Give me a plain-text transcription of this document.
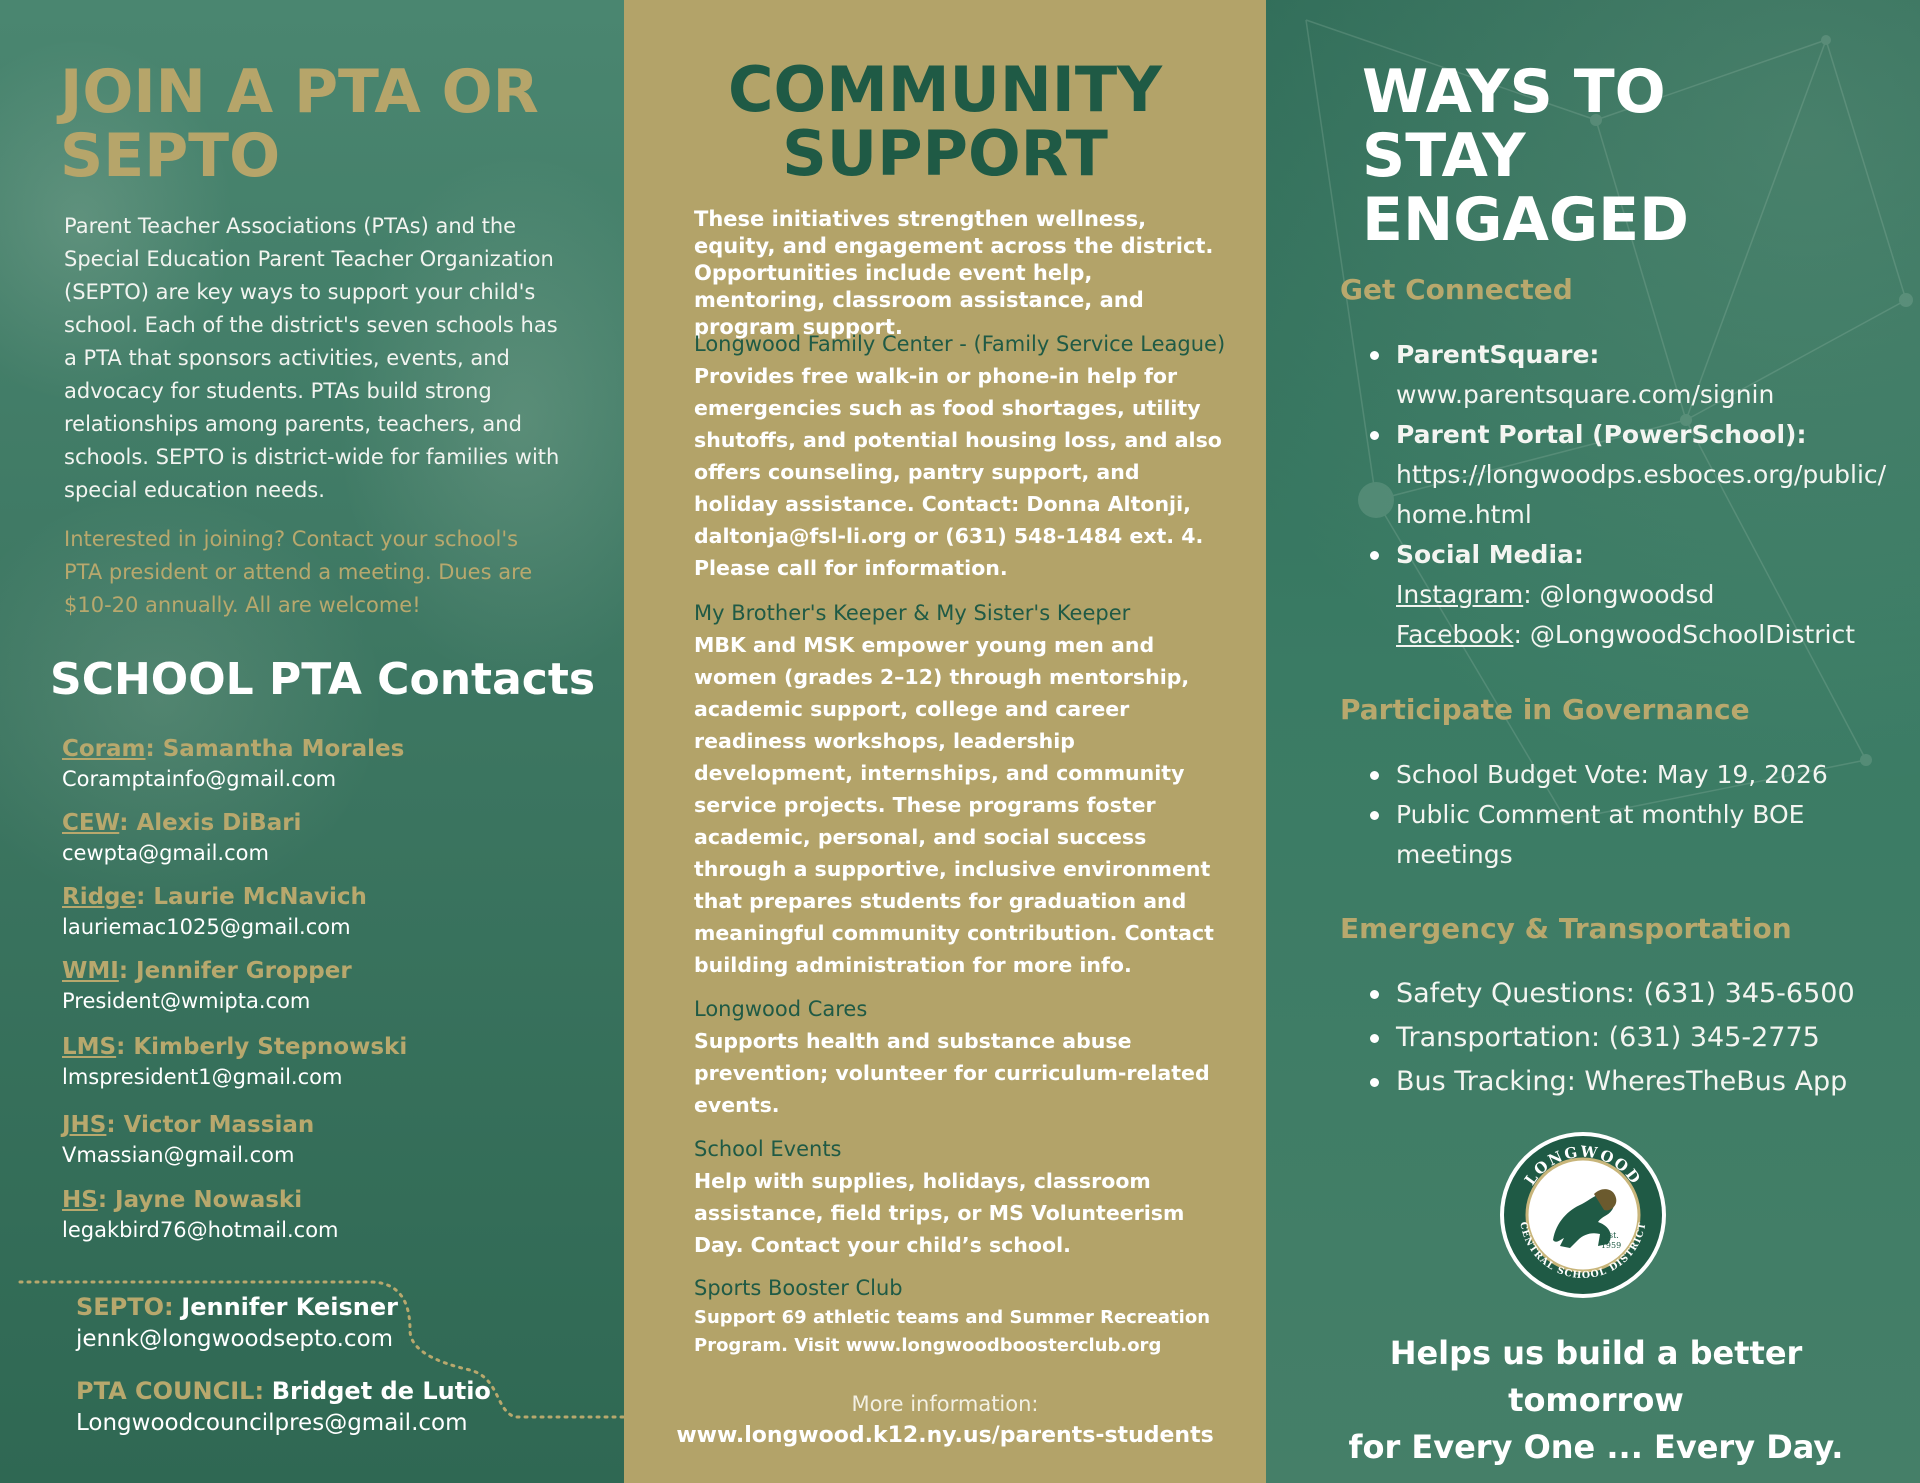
JOIN A PTA OR SEPTO

Parent Teacher Associations (PTAs) and the Special Education Parent Teacher Organization (SEPTO) are key ways to support your child's school. Each of the district's seven schools has a PTA that sponsors activities, events, and advocacy for students. PTAs build strong relationships among parents, teachers, and schools. SEPTO is district-wide for families with special education needs.

Interested in joining? Contact your school's PTA president or attend a meeting. Dues are $10-20 annually. All are welcome!

SCHOOL PTA Contacts
Coram: Samantha Morales
Coramptainfo@gmail.com
CEW: Alexis DiBari
cewpta@gmail.com
Ridge: Laurie McNavich
lauriemac1025@gmail.com
WMI: Jennifer Gropper
President@wmipta.com
LMS: Kimberly Stepnowski
lmspresident1@gmail.com
JHS: Victor Massian
Vmassian@gmail.com
HS: Jayne Nowaski
legakbird76@hotmail.com
SEPTO: Jennifer Keisner
jennk@longwoodsepto.com
PTA COUNCIL: Bridget de Lutio
Longwoodcouncilpres@gmail.com
COMMUNITY SUPPORT

These initiatives strengthen wellness, equity, and engagement across the district. Opportunities include event help, mentoring, classroom assistance, and program support.

Longwood Family Center - (Family Service League)
Provides free walk-in or phone-in help for emergencies such as food shortages, utility shutoffs, and potential housing loss, and also offers counseling, pantry support, and holiday assistance. Contact: Donna Altonji, daltonja@fsl-li.org or (631) 548-1484 ext. 4. Please call for information.
My Brother's Keeper & My Sister's Keeper
MBK and MSK empower young men and women (grades 2–12) through mentorship, academic support, college and career readiness workshops, leadership development, internships, and community service projects. These programs foster academic, personal, and social success through a supportive, inclusive environment that prepares students for graduation and meaningful community contribution. Contact building administration for more info.
Longwood Cares
Supports health and substance abuse prevention; volunteer for curriculum-related events.
School Events
Help with supplies, holidays, classroom assistance, field trips, or MS Volunteerism Day. Contact your child’s school.
Sports Booster Club
Support 69 athletic teams and Summer Recreation Program. Visit www.longwoodboosterclub.org
More information:
www.longwood.k12.ny.us/parents-students
WAYS TO STAY ENGAGED
Get Connected
ParentSquare:
www.parentsquare.com/signin
Parent Portal (PowerSchool):
https://longwoodps.esboces.org/public/
home.html
Social Media:
Instagram: @longwoodsd
Facebook: @LongwoodSchoolDistrict
Participate in Governance
School Budget Vote: May 19, 2026
Public Comment at monthly BOE meetings
Emergency & Transportation
Safety Questions: (631) 345-6500
Transportation: (631) 345-2775
Bus Tracking: WheresTheBus App
LONGWOOD
CENTRAL SCHOOL DISTRICT
Est.
1959
Helps us build a better tomorrow
for Every One ... Every Day.
